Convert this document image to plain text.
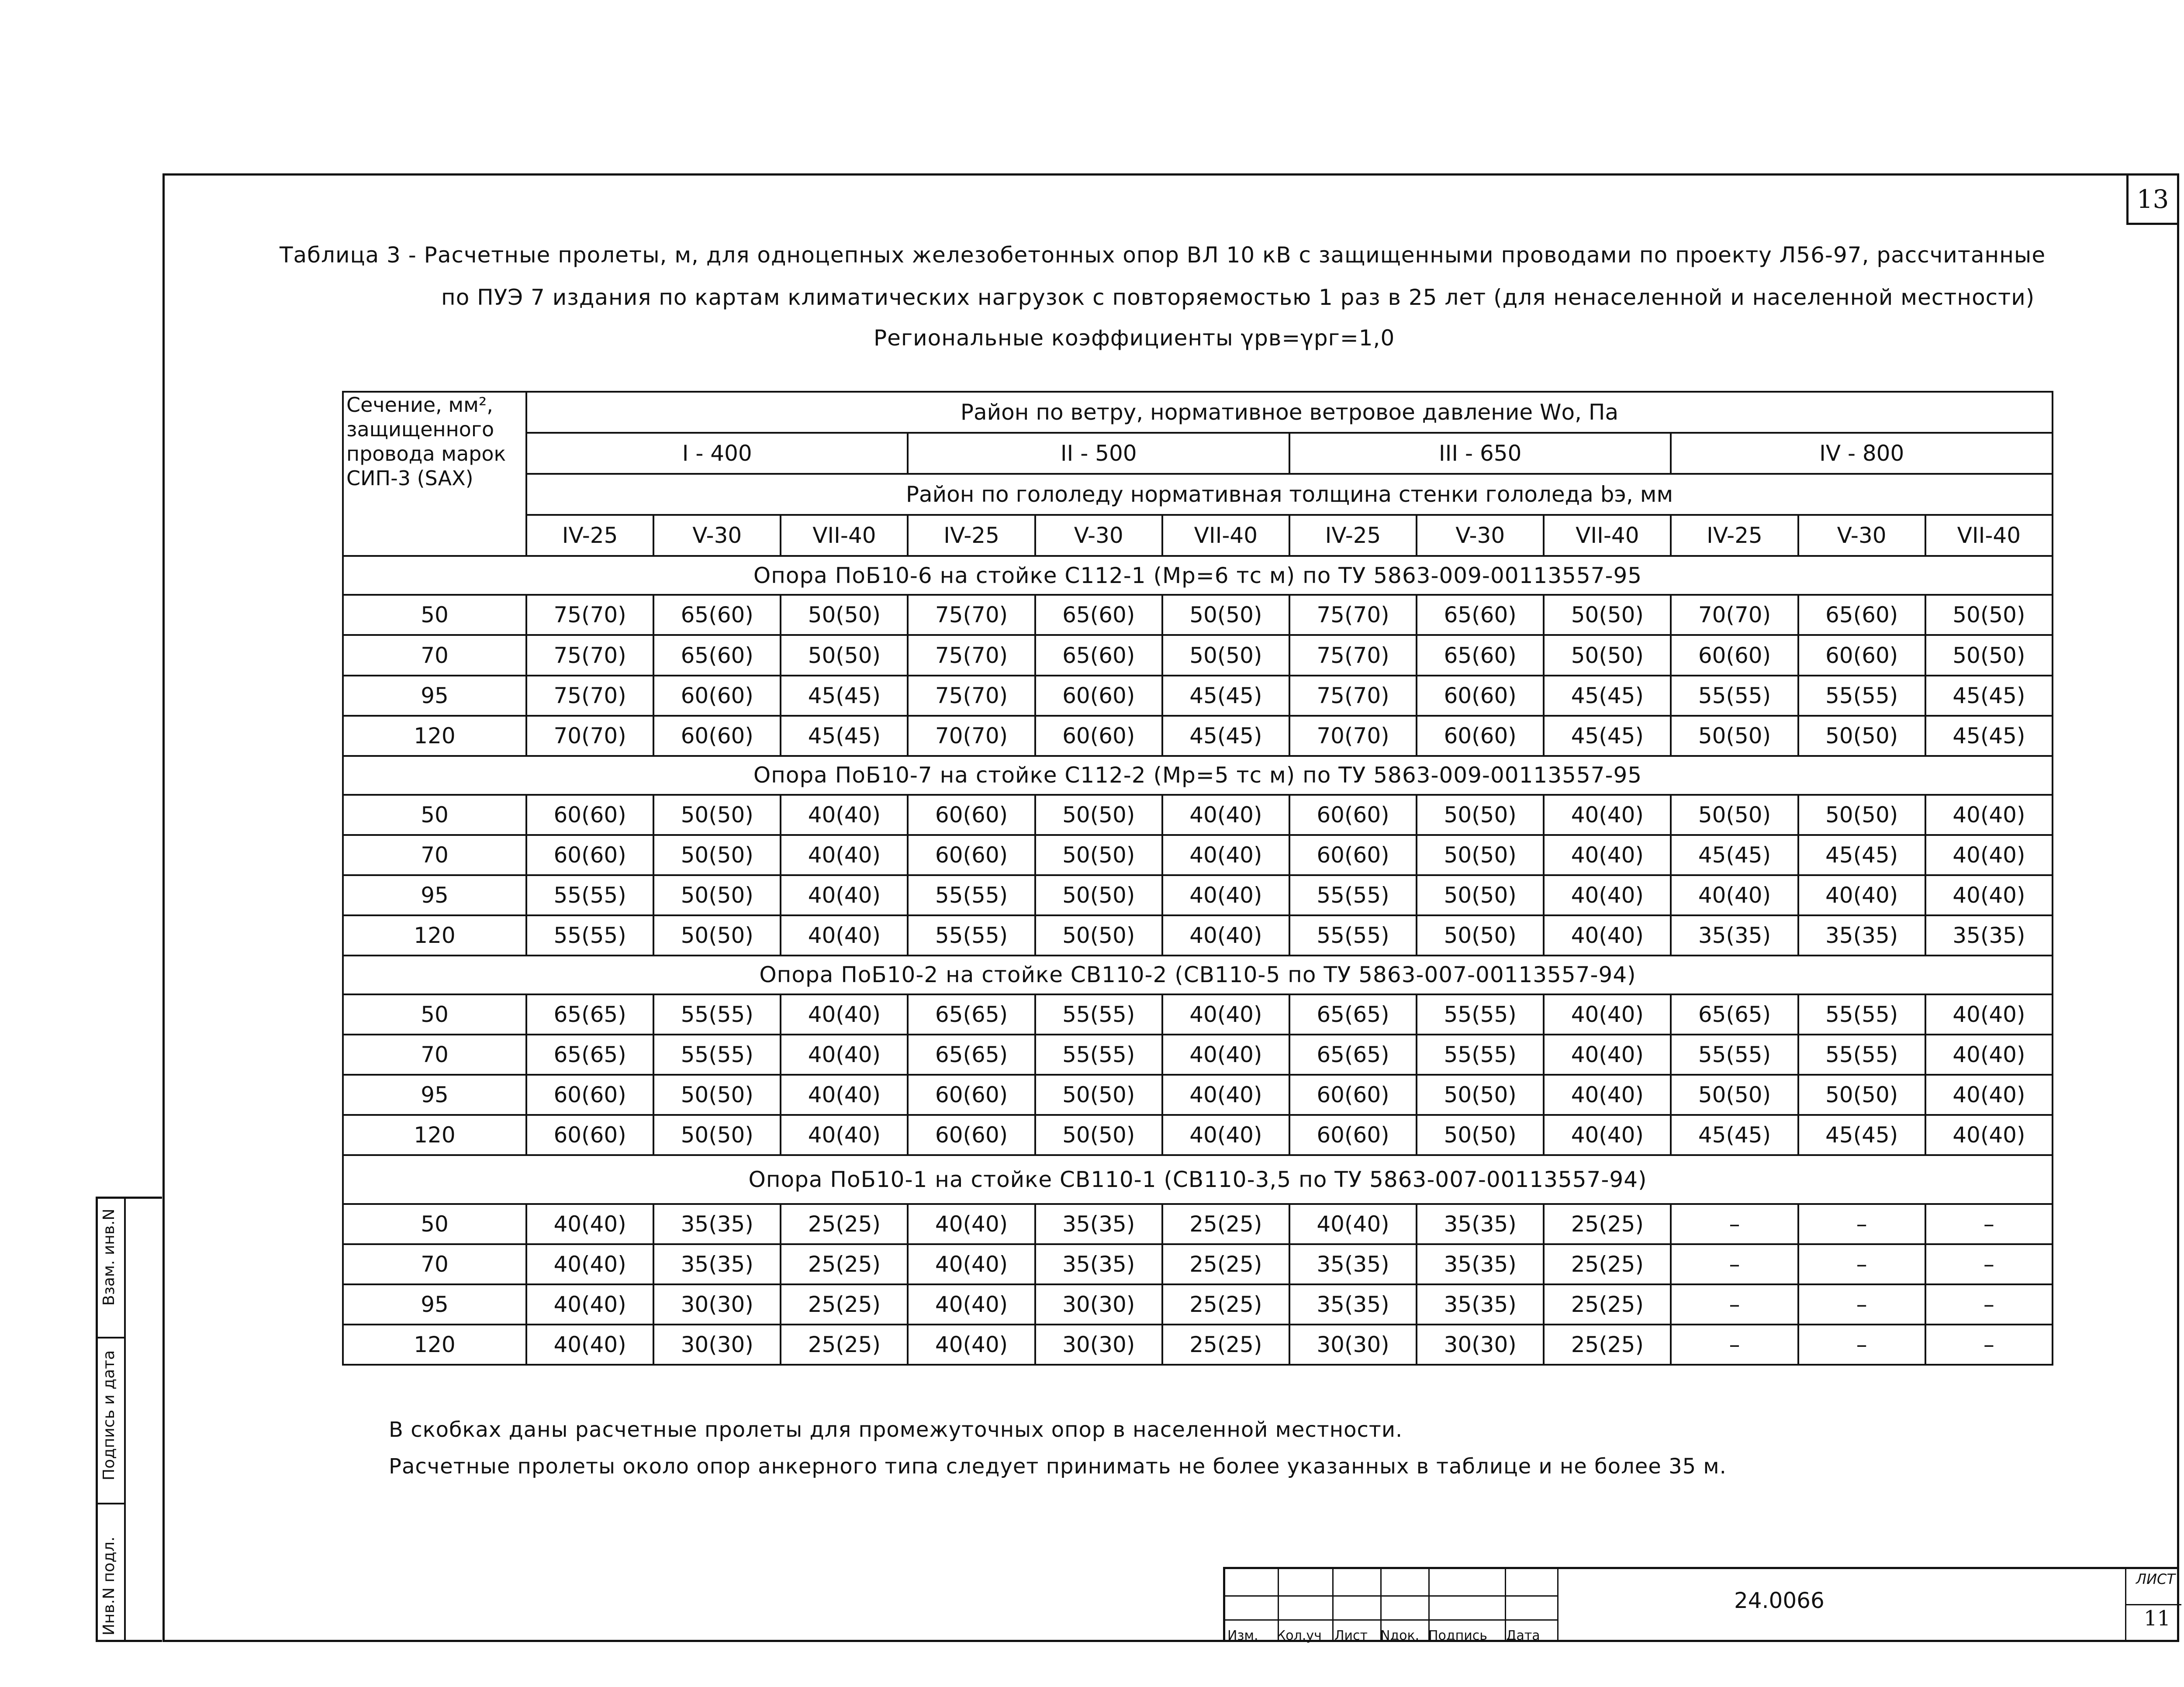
13
Таблица 3 - Расчетные пролеты, м, для одноцепных железобетонных опор ВЛ 10 кВ с защищенными проводами по проекту Л56-97, рассчитанные
по ПУЭ 7 издания по картам климатических нагрузок с повторяемостью 1 раз в 25 лет (для ненаселенной и населенной местности)
Региональные коэффициенты γрв=γрг=1,0
Сечение, мм², защищенного провода марок СИП-3 (SAX)	Район по ветру, нормативное ветровое давление Wо, Па											
	I - 400			II - 500			III - 650			IV - 800		
	Район по гололеду нормативная толщина стенки гололеда bэ, мм											
	IV-25	V-30	VII-40	IV-25	V-30	VII-40	IV-25	V-30	VII-40	IV-25	V-30	VII-40
Опора ПоБ10-6 на стойке С112-1 (Мр=6 тс м) по ТУ 5863-009-00113557-95												
50	75(70)	65(60)	50(50)	75(70)	65(60)	50(50)	75(70)	65(60)	50(50)	70(70)	65(60)	50(50)
70	75(70)	65(60)	50(50)	75(70)	65(60)	50(50)	75(70)	65(60)	50(50)	60(60)	60(60)	50(50)
95	75(70)	60(60)	45(45)	75(70)	60(60)	45(45)	75(70)	60(60)	45(45)	55(55)	55(55)	45(45)
120	70(70)	60(60)	45(45)	70(70)	60(60)	45(45)	70(70)	60(60)	45(45)	50(50)	50(50)	45(45)
Опора ПоБ10-7 на стойке С112-2 (Мр=5 тс м) по ТУ 5863-009-00113557-95												
50	60(60)	50(50)	40(40)	60(60)	50(50)	40(40)	60(60)	50(50)	40(40)	50(50)	50(50)	40(40)
70	60(60)	50(50)	40(40)	60(60)	50(50)	40(40)	60(60)	50(50)	40(40)	45(45)	45(45)	40(40)
95	55(55)	50(50)	40(40)	55(55)	50(50)	40(40)	55(55)	50(50)	40(40)	40(40)	40(40)	40(40)
120	55(55)	50(50)	40(40)	55(55)	50(50)	40(40)	55(55)	50(50)	40(40)	35(35)	35(35)	35(35)
Опора ПоБ10-2 на стойке СВ110-2 (СВ110-5 по ТУ 5863-007-00113557-94)												
50	65(65)	55(55)	40(40)	65(65)	55(55)	40(40)	65(65)	55(55)	40(40)	65(65)	55(55)	40(40)
70	65(65)	55(55)	40(40)	65(65)	55(55)	40(40)	65(65)	55(55)	40(40)	55(55)	55(55)	40(40)
95	60(60)	50(50)	40(40)	60(60)	50(50)	40(40)	60(60)	50(50)	40(40)	50(50)	50(50)	40(40)
120	60(60)	50(50)	40(40)	60(60)	50(50)	40(40)	60(60)	50(50)	40(40)	45(45)	45(45)	40(40)
Опора ПоБ10-1 на стойке СВ110-1 (СВ110-3,5 по ТУ 5863-007-00113557-94)												
50	40(40)	35(35)	25(25)	40(40)	35(35)	25(25)	40(40)	35(35)	25(25)	–	–	–
70	40(40)	35(35)	25(25)	40(40)	35(35)	25(25)	35(35)	35(35)	25(25)	–	–	–
95	40(40)	30(30)	25(25)	40(40)	30(30)	25(25)	35(35)	35(35)	25(25)	–	–	–
120	40(40)	30(30)	25(25)	40(40)	30(30)	25(25)	30(30)	30(30)	25(25)	–	–	–
В скобках даны расчетные пролеты для промежуточных опор в населенной местности.
Расчетные пролеты около опор анкерного типа следует принимать не более указанных в таблице и не более 35 м.
Взам. инв.N
Подпись и дата
Инв.N подл.
Изм. Кол.уч Лист Nдок. Подпись Дата
24.0066
ЛИСТ
11
